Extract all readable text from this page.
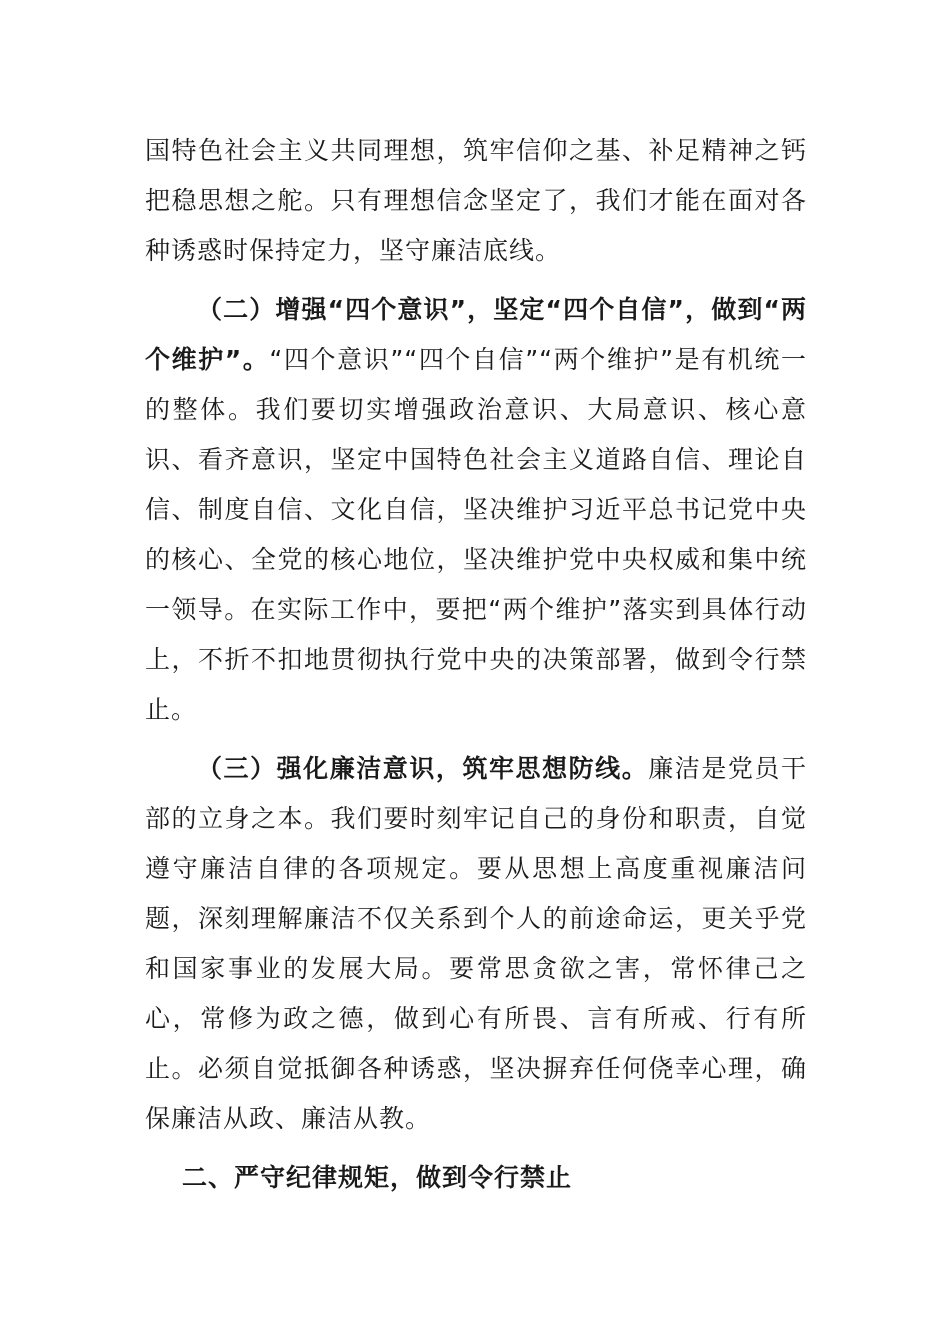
国特色社会主义共同理想，筑牢信仰之基、补足精神之钙把稳思想之舵。只有理想信念坚定了，我们才能在面对各种诱惑时保持定力，坚守廉洁底线。

（二）增强“四个意识”，坚定“四个自信”，做到“两个维护”。“四个意识”“四个自信”“两个维护”是有机统一的整体。我们要切实增强政治意识、大局意识、核心意识、看齐意识，坚定中国特色社会主义道路自信、理论自信、制度自信、文化自信，坚决维护习近平总书记党中央的核心、全党的核心地位，坚决维护党中央权威和集中统一领导。在实际工作中，要把“两个维护”落实到具体行动上，不折不扣地贯彻执行党中央的决策部署，做到令行禁止。

（三）强化廉洁意识，筑牢思想防线。廉洁是党员干部的立身之本。我们要时刻牢记自己的身份和职责，自觉遵守廉洁自律的各项规定。要从思想上高度重视廉洁问题，深刻理解廉洁不仅关系到个人的前途命运，更关乎党和国家事业的发展大局。要常思贪欲之害，常怀律己之心，常修为政之德，做到心有所畏、言有所戒、行有所止。必须自觉抵御各种诱惑，坚决摒弃任何侥幸心理，确保廉洁从政、廉洁从教。

二、严守纪律规矩，做到令行禁止
